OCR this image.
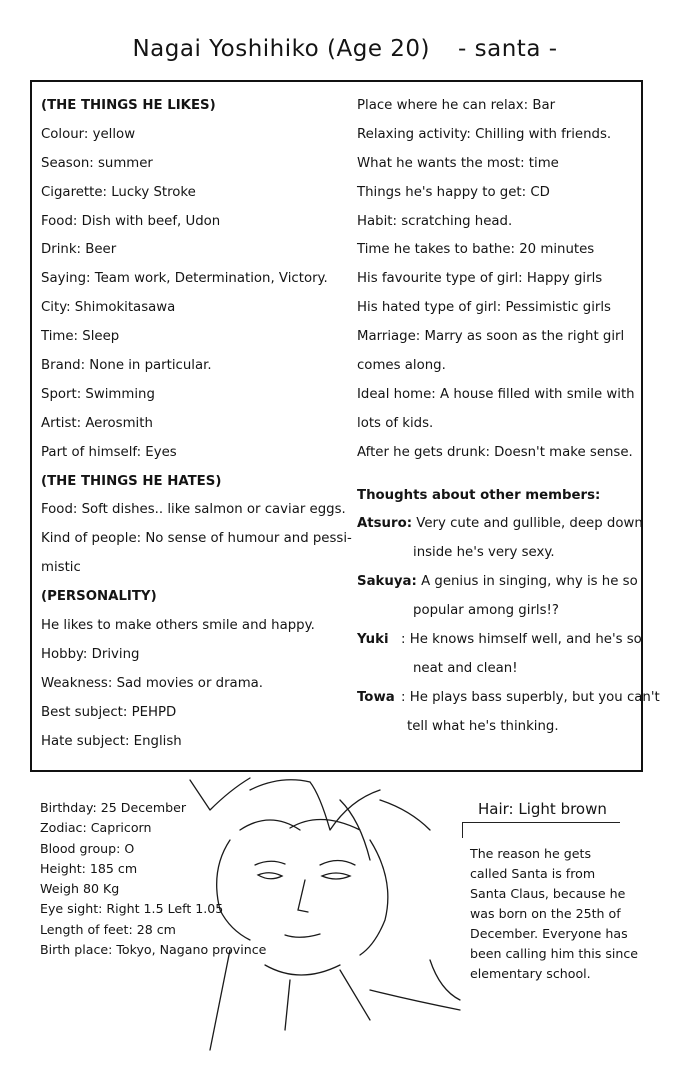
Nagai Yoshihiko (Age 20) - santa -
(THE THINGS HE LIKES)
Colour: yellow
Season: summer
Cigarette: Lucky Stroke
Food: Dish with beef, Udon
Drink: Beer
Saying: Team work, Determination, Victory.
City: Shimokitasawa
Time: Sleep
Brand: None in particular.
Sport: Swimming
Artist: Aerosmith
Part of himself: Eyes
(THE THINGS HE HATES)
Food: Soft dishes.. like salmon or caviar eggs.
Kind of people: No sense of humour and pessi-
mistic
(PERSONALITY)
He likes to make others smile and happy.
Hobby: Driving
Weakness: Sad movies or drama.
Best subject: PEHPD
Hate subject: English
Place where he can relax: Bar
Relaxing activity: Chilling with friends.
What he wants the most: time
Things he's happy to get: CD
Habit: scratching head.
Time he takes to bathe: 20 minutes
His favourite type of girl: Happy girls
His hated type of girl: Pessimistic girls
Marriage: Marry as soon as the right girl
comes along.
Ideal home: A house filled with smile with
lots of kids.
After he gets drunk: Doesn't make sense.
Thoughts about other members:
Atsuro: Very cute and gullible, deep down
inside he's very sexy.
Sakuya: A genius in singing, why is he so
popular among girls!?
Yuki : He knows himself well, and he's so
neat and clean!
Towa : He plays bass superbly, but you can't
tell what he's thinking.
Birthday: 25 December
Zodiac: Capricorn
Blood group: O
Height: 185 cm
Weigh 80 Kg
Eye sight: Right 1.5 Left 1.05
Length of feet: 28 cm
Birth place: Tokyo, Nagano province
Hair: Light brown
The reason he gets
called Santa is from
Santa Claus, because he
was born on the 25th of
December. Everyone has
been calling him this since
elementary school.
